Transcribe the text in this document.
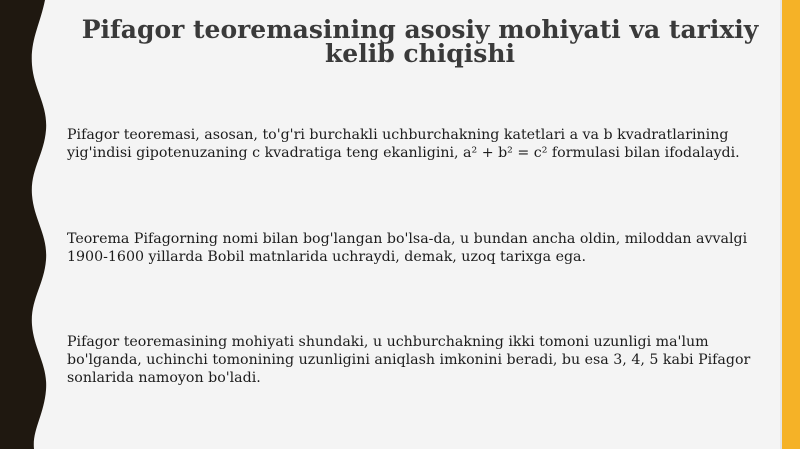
Pifagor teoremasining asosiy mohiyati va tarixiy kelib chiqishi

Pifagor teoremasi, asosan, to'g'ri burchakli uchburchakning katetlari a va b kvadratlarining yig'indisi gipotenuzaning c kvadratiga teng ekanligini, a² + b² = c² formulasi bilan ifodalaydi.

Teorema Pifagorning nomi bilan bog'langan bo'lsa-da, u bundan ancha oldin, miloddan avvalgi 1900-1600 yillarda Bobil matnlarida uchraydi, demak, uzoq tarixga ega.

Pifagor teoremasining mohiyati shundaki, u uchburchakning ikki tomoni uzunligi ma'lum bo'lganda, uchinchi tomonining uzunligini aniqlash imkonini beradi, bu esa 3, 4, 5 kabi Pifagor sonlarida namoyon bo'ladi.
